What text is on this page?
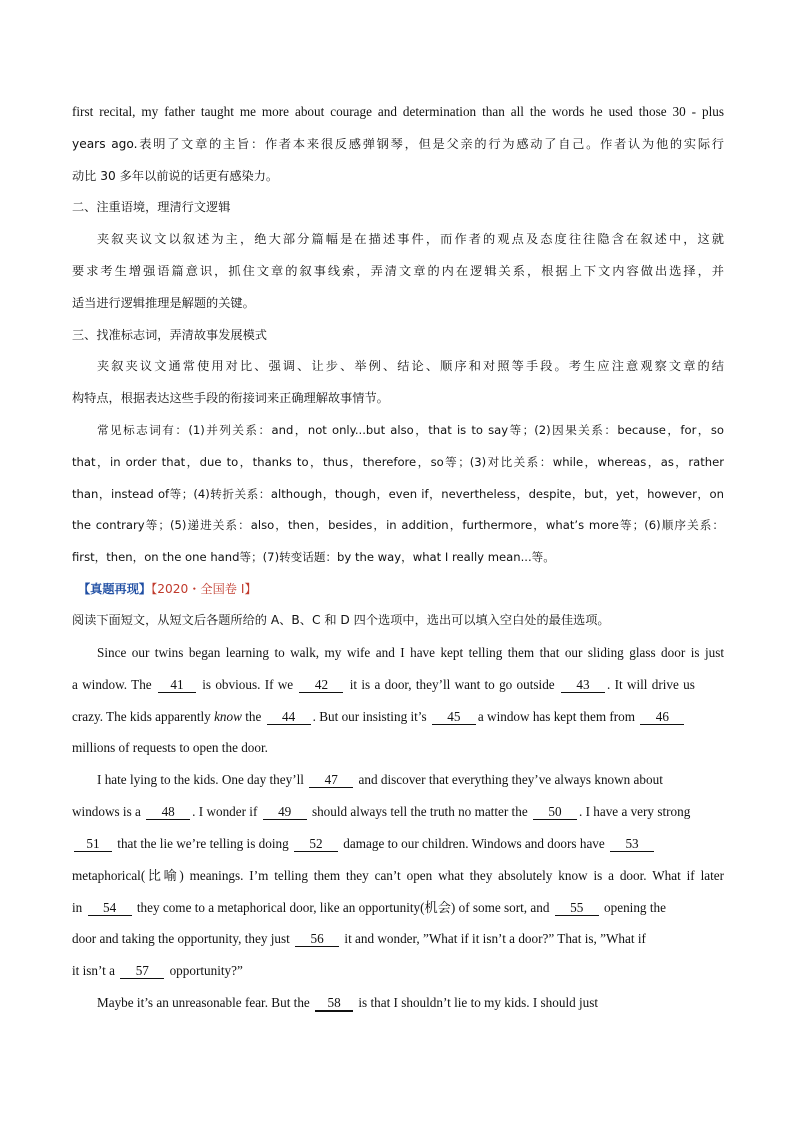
first recital, my father taught me more about courage and determination than all the words he used those 30 - plus
years ago.表明了文章的主旨：作者本来很反感弹钢琴，但是父亲的行为感动了自己。作者认为他的实际行
动比 30 多年以前说的话更有感染力。
二、注重语境，理清行文逻辑
夹叙夹议文以叙述为主，绝大部分篇幅是在描述事件，而作者的观点及态度往往隐含在叙述中，这就
要求考生增强语篇意识，抓住文章的叙事线索，弄清文章的内在逻辑关系，根据上下文内容做出选择，并
适当进行逻辑推理是解题的关键。
三、找准标志词，弄清故事发展模式
夹叙夹议文通常使用对比、强调、让步、举例、结论、顺序和对照等手段。考生应注意观察文章的结
构特点，根据表达这些手段的衔接词来正确理解故事情节。
常见标志词有：(1)并列关系：and，not only...but also，that is to say等；(2)因果关系：because，for，so
that，in order that，due to，thanks to，thus，therefore，so等；(3)对比关系：while，whereas，as，rather
than，instead of等；(4)转折关系：although，though，even if，nevertheless，despite，but，yet，however，on
the contrary等；(5)递进关系：also，then，besides，in addition，furthermore，what’s more等；(6)顺序关系：
first，then，on the one hand等；(7)转变话题：by the way，what I really mean...等。
【真题再现】【2020・全国卷 I】
阅读下面短文，从短文后各题所给的 A、B、C 和 D 四个选项中，选出可以填入空白处的最佳选项。
Since our twins began learning to walk, my wife and I have kept telling them that our sliding glass door is just
a window. The 41 is obvious. If we 42 it is a door, they’ll want to go outside 43 . It will drive us
crazy. The kids apparently know the 44 . But our insisting it’s 45 a window has kept them from 46
millions of requests to open the door.
I hate lying to the kids. One day they’ll 47 and discover that everything they’ve always known about
windows is a 48 . I wonder if 49 should always tell the truth no matter the 50 . I have a very strong
51 that the lie we’re telling is doing 52 damage to our children. Windows and doors have 53
metaphorical(比喻) meanings. I’m telling them they can’t open what they absolutely know is a door. What if later
in 54 they come to a metaphorical door, like an opportunity(机会) of some sort, and 55 opening the
door and taking the opportunity, they just 56 it and wonder, ”What if it isn’t a door?” That is, ”What if
it isn’t a 57 opportunity?”
Maybe it’s an unreasonable fear. But the 58 is that I shouldn’t lie to my kids. I should just
